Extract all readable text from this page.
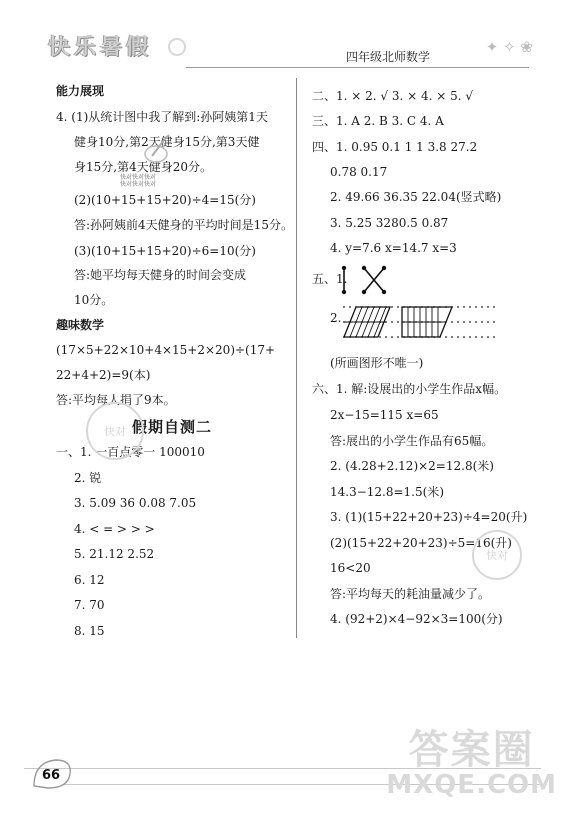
快乐暑假	四年级北师数学
✦ ✧ ❀
能力展现
4. (1)从统计图中我了解到:孙阿姨第1天
健身10分,第2天健身15分,第3天健
身15分,第4天健身20分。
快对快对快对
快对快对快对
(2)(10+15+15+20)÷4=15(分)
答:孙阿姨前4天健身的平均时间是15分。
(3)(10+15+15+20)÷6=10(分)
答:她平均每天健身的时间会变成
10分。
趣味数学
(17×5+22×10+4×15+2×20)÷(17+
22+4+2)=9(本)
答:平均每人捐了9本。
假期自测二
一、1. 一百点零一 100010
2. 锐
3. 5.09 36 0.08 7.05
4. < = > > >
5. 21.12 2.52
6. 12
7. 70
8. 15
二、1. × 2. √ 3. × 4. × 5. √
三、1. A 2. B 3. C 4. A
四、1. 0.95 0.1 1 1 3.8 27.2
0.78 0.17
2. 49.66 36.35 22.04(竖式略)
3. 5.25 3280.5 0.87
4. y=7.6 x=14.7 x=3
五、1.
2.
(所画图形不唯一)
六、1. 解:设展出的小学生作品x幅。
2x−15=115 x=65
答:展出的小学生作品有65幅。
2. (4.28+2.12)×2=12.8(米)
14.3−12.8=1.5(米)
3. (1)(15+22+20+23)÷4=20(升)
(2)(15+22+20+23)÷5=16(升)
16<20
答:平均每天的耗油量减少了。
4. (92+2)×4−92×3=100(分)
快对
快对
66
答案圈
MXQE.COM
